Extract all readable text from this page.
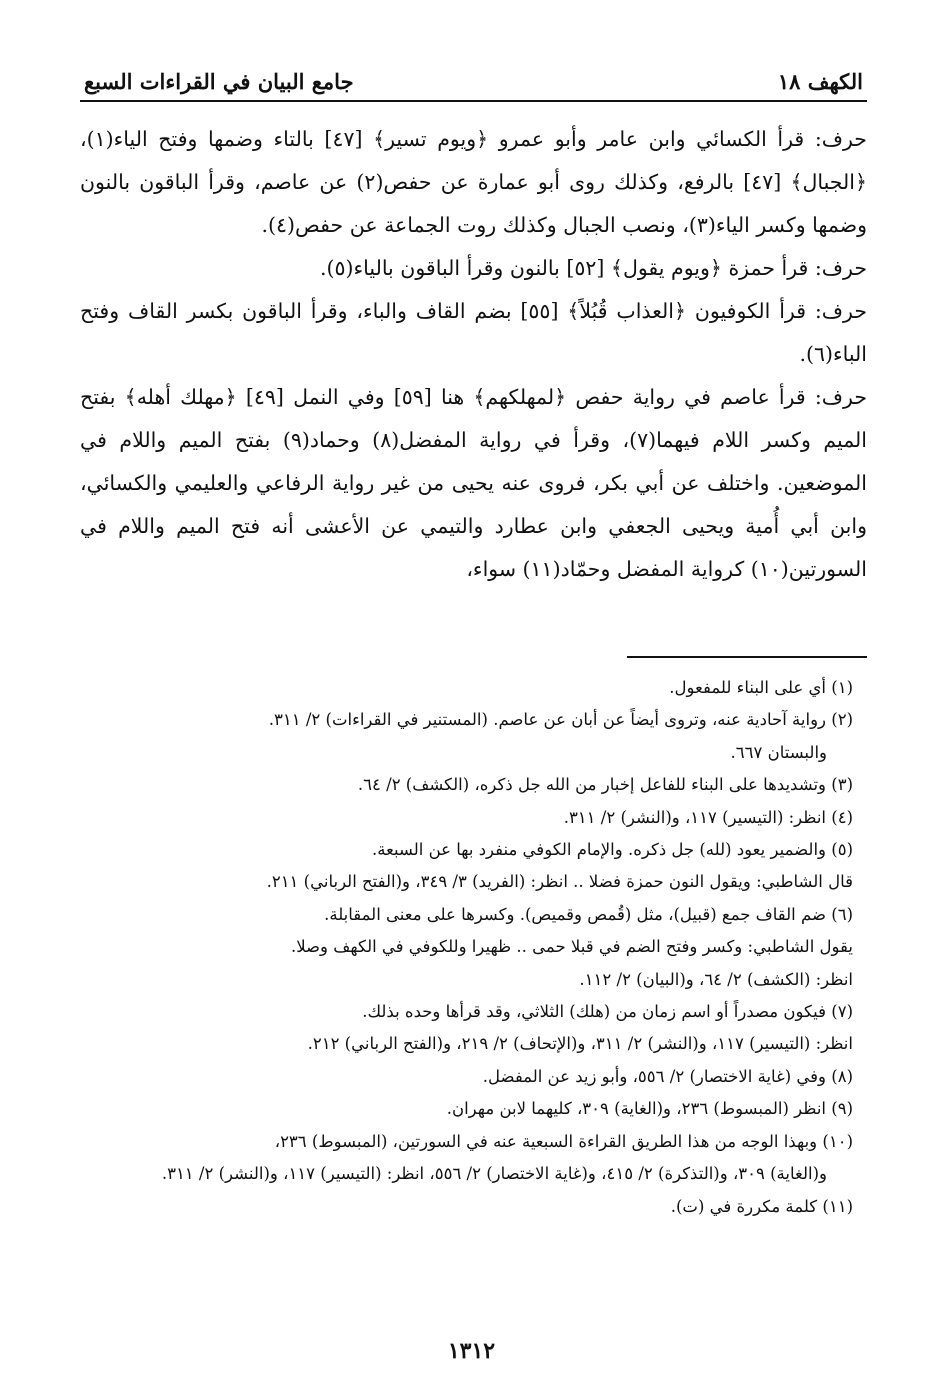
الكهف ١٨
جامع البيان في القراءات السبع

حرف: قرأ الكسائي وابن عامر وأبو عمرو ﴿ويوم تسير﴾ [٤٧] بالتاء وضمها وفتح الياء(١)، ﴿الجبال﴾ [٤٧] بالرفع، وكذلك روى أبو عمارة عن حفص(٢) عن عاصم، وقرأ الباقون بالنون وضمها وكسر الياء(٣)، ونصب الجبال وكذلك روت الجماعة عن حفص(٤).

حرف: قرأ حمزة ﴿ويوم يقول﴾ [٥٢] بالنون وقرأ الباقون بالياء(٥).

حرف: قرأ الكوفيون ﴿العذاب قُبُلاً﴾ [٥٥] بضم القاف والباء، وقرأ الباقون بكسر القاف وفتح الباء(٦).

حرف: قرأ عاصم في رواية حفص ﴿لمهلكهم﴾ هنا [٥٩] وفي النمل [٤٩] ﴿مهلك أهله﴾ بفتح الميم وكسر اللام فيهما(٧)، وقرأ في رواية المفضل(٨) وحماد(٩) بفتح الميم واللام في الموضعين. واختلف عن أبي بكر، فروى عنه يحيى من غير رواية الرفاعي والعليمي والكسائي، وابن أبي أُمية ويحيى الجعفي وابن عطارد والتيمي عن الأعشى أنه فتح الميم واللام في السورتين(١٠) كرواية المفضل وحمّاد(١١) سواء،

(١) أي على البناء للمفعول.

(٢) رواية آحادية عنه، وتروى أيضاً عن أبان عن عاصم. (المستنير في القراءات) ٢/ ٣١١.

والبستان ٦٦٧.

(٣) وتشديدها على البناء للفاعل إخبار من الله جل ذكره، (الكشف) ٢/ ٦٤.

(٤) انظر: (التيسير) ١١٧، و(النشر) ٢/ ٣١١.

(٥) والضمير يعود (لله) جل ذكره. والإمام الكوفي منفرد بها عن السبعة.

قال الشاطبي: ويقول النون حمزة فضلا .. انظر: (الفريد) ٣/ ٣٤٩، و(الفتح الرباني) ٢١١.

(٦) ضم القاف جمع (قبيل)، مثل (قُمص وقميص). وكسرها على معنى المقابلة.

يقول الشاطبي: وكسر وفتح الضم في قبلا حمى .. ظهيرا وللكوفي في الكهف وصلا.

انظر: (الكشف) ٢/ ٦٤، و(البيان) ٢/ ١١٢.

(٧) فيكون مصدراً أو اسم زمان من (هلك) الثلاثي، وقد قرأها وحده بذلك.

انظر: (التيسير) ١١٧، و(النشر) ٢/ ٣١١، و(الإتحاف) ٢/ ٢١٩، و(الفتح الرباني) ٢١٢.

(٨) وفي (غاية الاختصار) ٢/ ٥٥٦، وأبو زيد عن المفضل.

(٩) انظر (المبسوط) ٢٣٦، و(الغاية) ٣٠٩، كليهما لابن مهران.

(١٠) وبهذا الوجه من هذا الطريق القراءة السبعية عنه في السورتين، (المبسوط) ٢٣٦،

و(الغاية) ٣٠٩، و(التذكرة) ٢/ ٤١٥، و(غاية الاختصار) ٢/ ٥٥٦، انظر: (التيسير) ١١٧، و(النشر) ٢/ ٣١١.

(١١) كلمة مكررة في (ت).

١٣١٢
